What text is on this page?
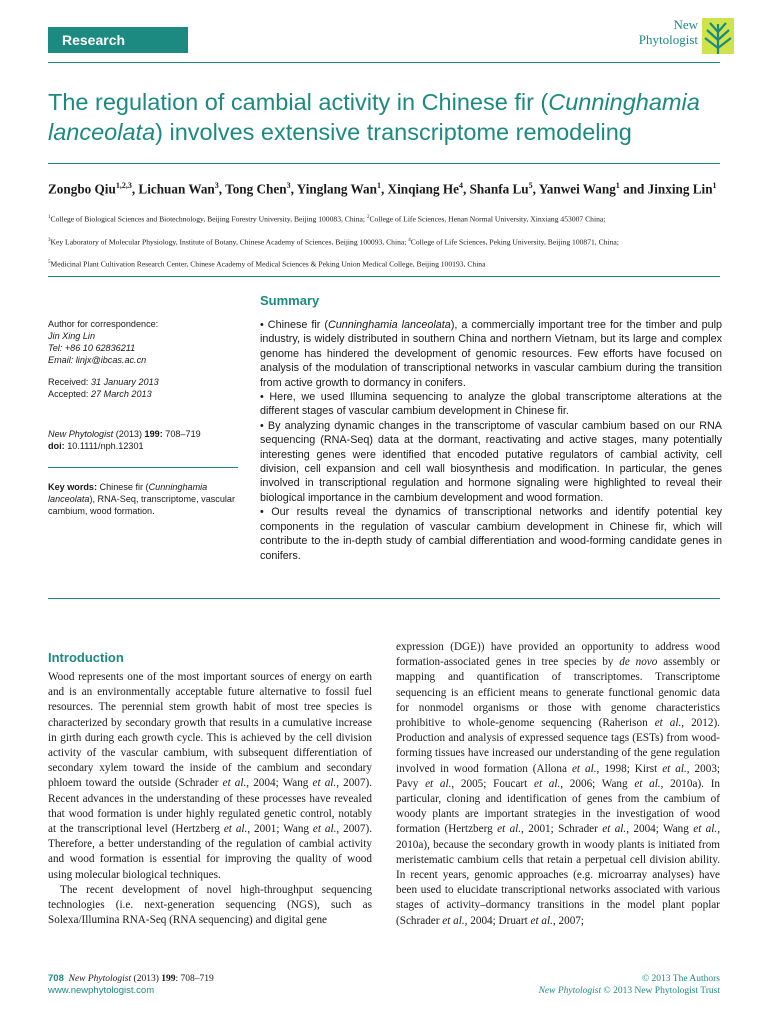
Research
New
Phytologist
The regulation of cambial activity in Chinese fir (Cunninghamia lanceolata) involves extensive transcriptome remodeling
Zongbo Qiu$^{1,2,3}$, Lichuan Wan$^3$, Tong Chen$^3$, Yinglang Wan$^1$, Xinqiang He$^4$, Shanfa Lu$^5$, Yanwei Wang$^1$ and Jinxing Lin$^1$
$^1$College of Biological Sciences and Biotechnology, Beijing Forestry University, Beijing 100083, China; $^2$College of Life Sciences, Henan Normal University, Xinxiang 453007 China;
$^3$Key Laboratory of Molecular Physiology, Institute of Botany, Chinese Academy of Sciences, Beijing 100093, China; $^4$College of Life Sciences, Peking University, Beijing 100871, China;
$^5$Medicinal Plant Cultivation Research Center, Chinese Academy of Medical Sciences & Peking Union Medical College, Beijing 100193, China
Author for correspondence:
Jin Xing Lin
Tel: +86 10 62836211
Email: linjx@ibcas.ac.cn
Received: 31 January 2013
Accepted: 27 March 2013
New Phytologist (2013) 199: 708–719
doi: 10.1111/nph.12301
Key words: Chinese fir (Cunninghamia lanceolata), RNA-Seq, transcriptome, vascular cambium, wood formation.
Summary

• Chinese fir (Cunninghamia lanceolata), a commercially important tree for the timber and pulp industry, is widely distributed in southern China and northern Vietnam, but its large and complex genome has hindered the development of genomic resources. Few efforts have focused on analysis of the modulation of transcriptional networks in vascular cambium during the transition from active growth to dormancy in conifers.

• Here, we used Illumina sequencing to analyze the global transcriptome alterations at the different stages of vascular cambium development in Chinese fir.

• By analyzing dynamic changes in the transcriptome of vascular cambium based on our RNA sequencing (RNA-Seq) data at the dormant, reactivating and active stages, many potentially interesting genes were identified that encoded putative regulators of cambial activity, cell division, cell expansion and cell wall biosynthesis and modification. In particular, the genes involved in transcriptional regulation and hormone signaling were highlighted to reveal their biological importance in the cambium development and wood formation.

• Our results reveal the dynamics of transcriptional networks and identify potential key components in the regulation of vascular cambium development in Chinese fir, which will contribute to the in-depth study of cambial differentiation and wood-forming candidate genes in conifers.

Introduction

Wood represents one of the most important sources of energy on earth and is an environmentally acceptable future alternative to fossil fuel resources. The perennial stem growth habit of most tree species is characterized by secondary growth that results in a cumulative increase in girth during each growth cycle. This is achieved by the cell division activity of the vascular cambium, with subsequent differentiation of secondary xylem toward the inside of the cambium and secondary phloem toward the outside (Schrader et al., 2004; Wang et al., 2007). Recent advances in the understanding of these processes have revealed that wood formation is under highly regulated genetic control, notably at the transcriptional level (Hertzberg et al., 2001; Wang et al., 2007). Therefore, a better understanding of the regulation of cambial activity and wood formation is essential for improving the quality of wood using molecular biological techniques.

The recent development of novel high-throughput sequencing technologies (i.e. next-generation sequencing (NGS), such as Solexa/Illumina RNA-Seq (RNA sequencing) and digital gene

expression (DGE)) have provided an opportunity to address wood formation-associated genes in tree species by de novo assembly or mapping and quantification of transcriptomes. Transcriptome sequencing is an efficient means to generate functional genomic data for nonmodel organisms or those with genome characteristics prohibitive to whole-genome sequencing (Raherison et al., 2012). Production and analysis of expressed sequence tags (ESTs) from wood-forming tissues have increased our understanding of the gene regulation involved in wood formation (Allona et al., 1998; Kirst et al., 2003; Pavy et al., 2005; Foucart et al., 2006; Wang et al., 2010a). In particular, cloning and identification of genes from the cambium of woody plants are important strategies in the investigation of wood formation (Hertzberg et al., 2001; Schrader et al., 2004; Wang et al., 2010a), because the secondary growth in woody plants is initiated from meristematic cambium cells that retain a perpetual cell division ability. In recent years, genomic approaches (e.g. microarray analyses) have been used to elucidate transcriptional networks associated with various stages of activity–dormancy transitions in the model plant poplar (Schrader et al., 2004; Druart et al., 2007;

708 New Phytologist (2013) 199: 708–719
www.newphytologist.com
© 2013 The Authors
New Phytologist © 2013 New Phytologist Trust
